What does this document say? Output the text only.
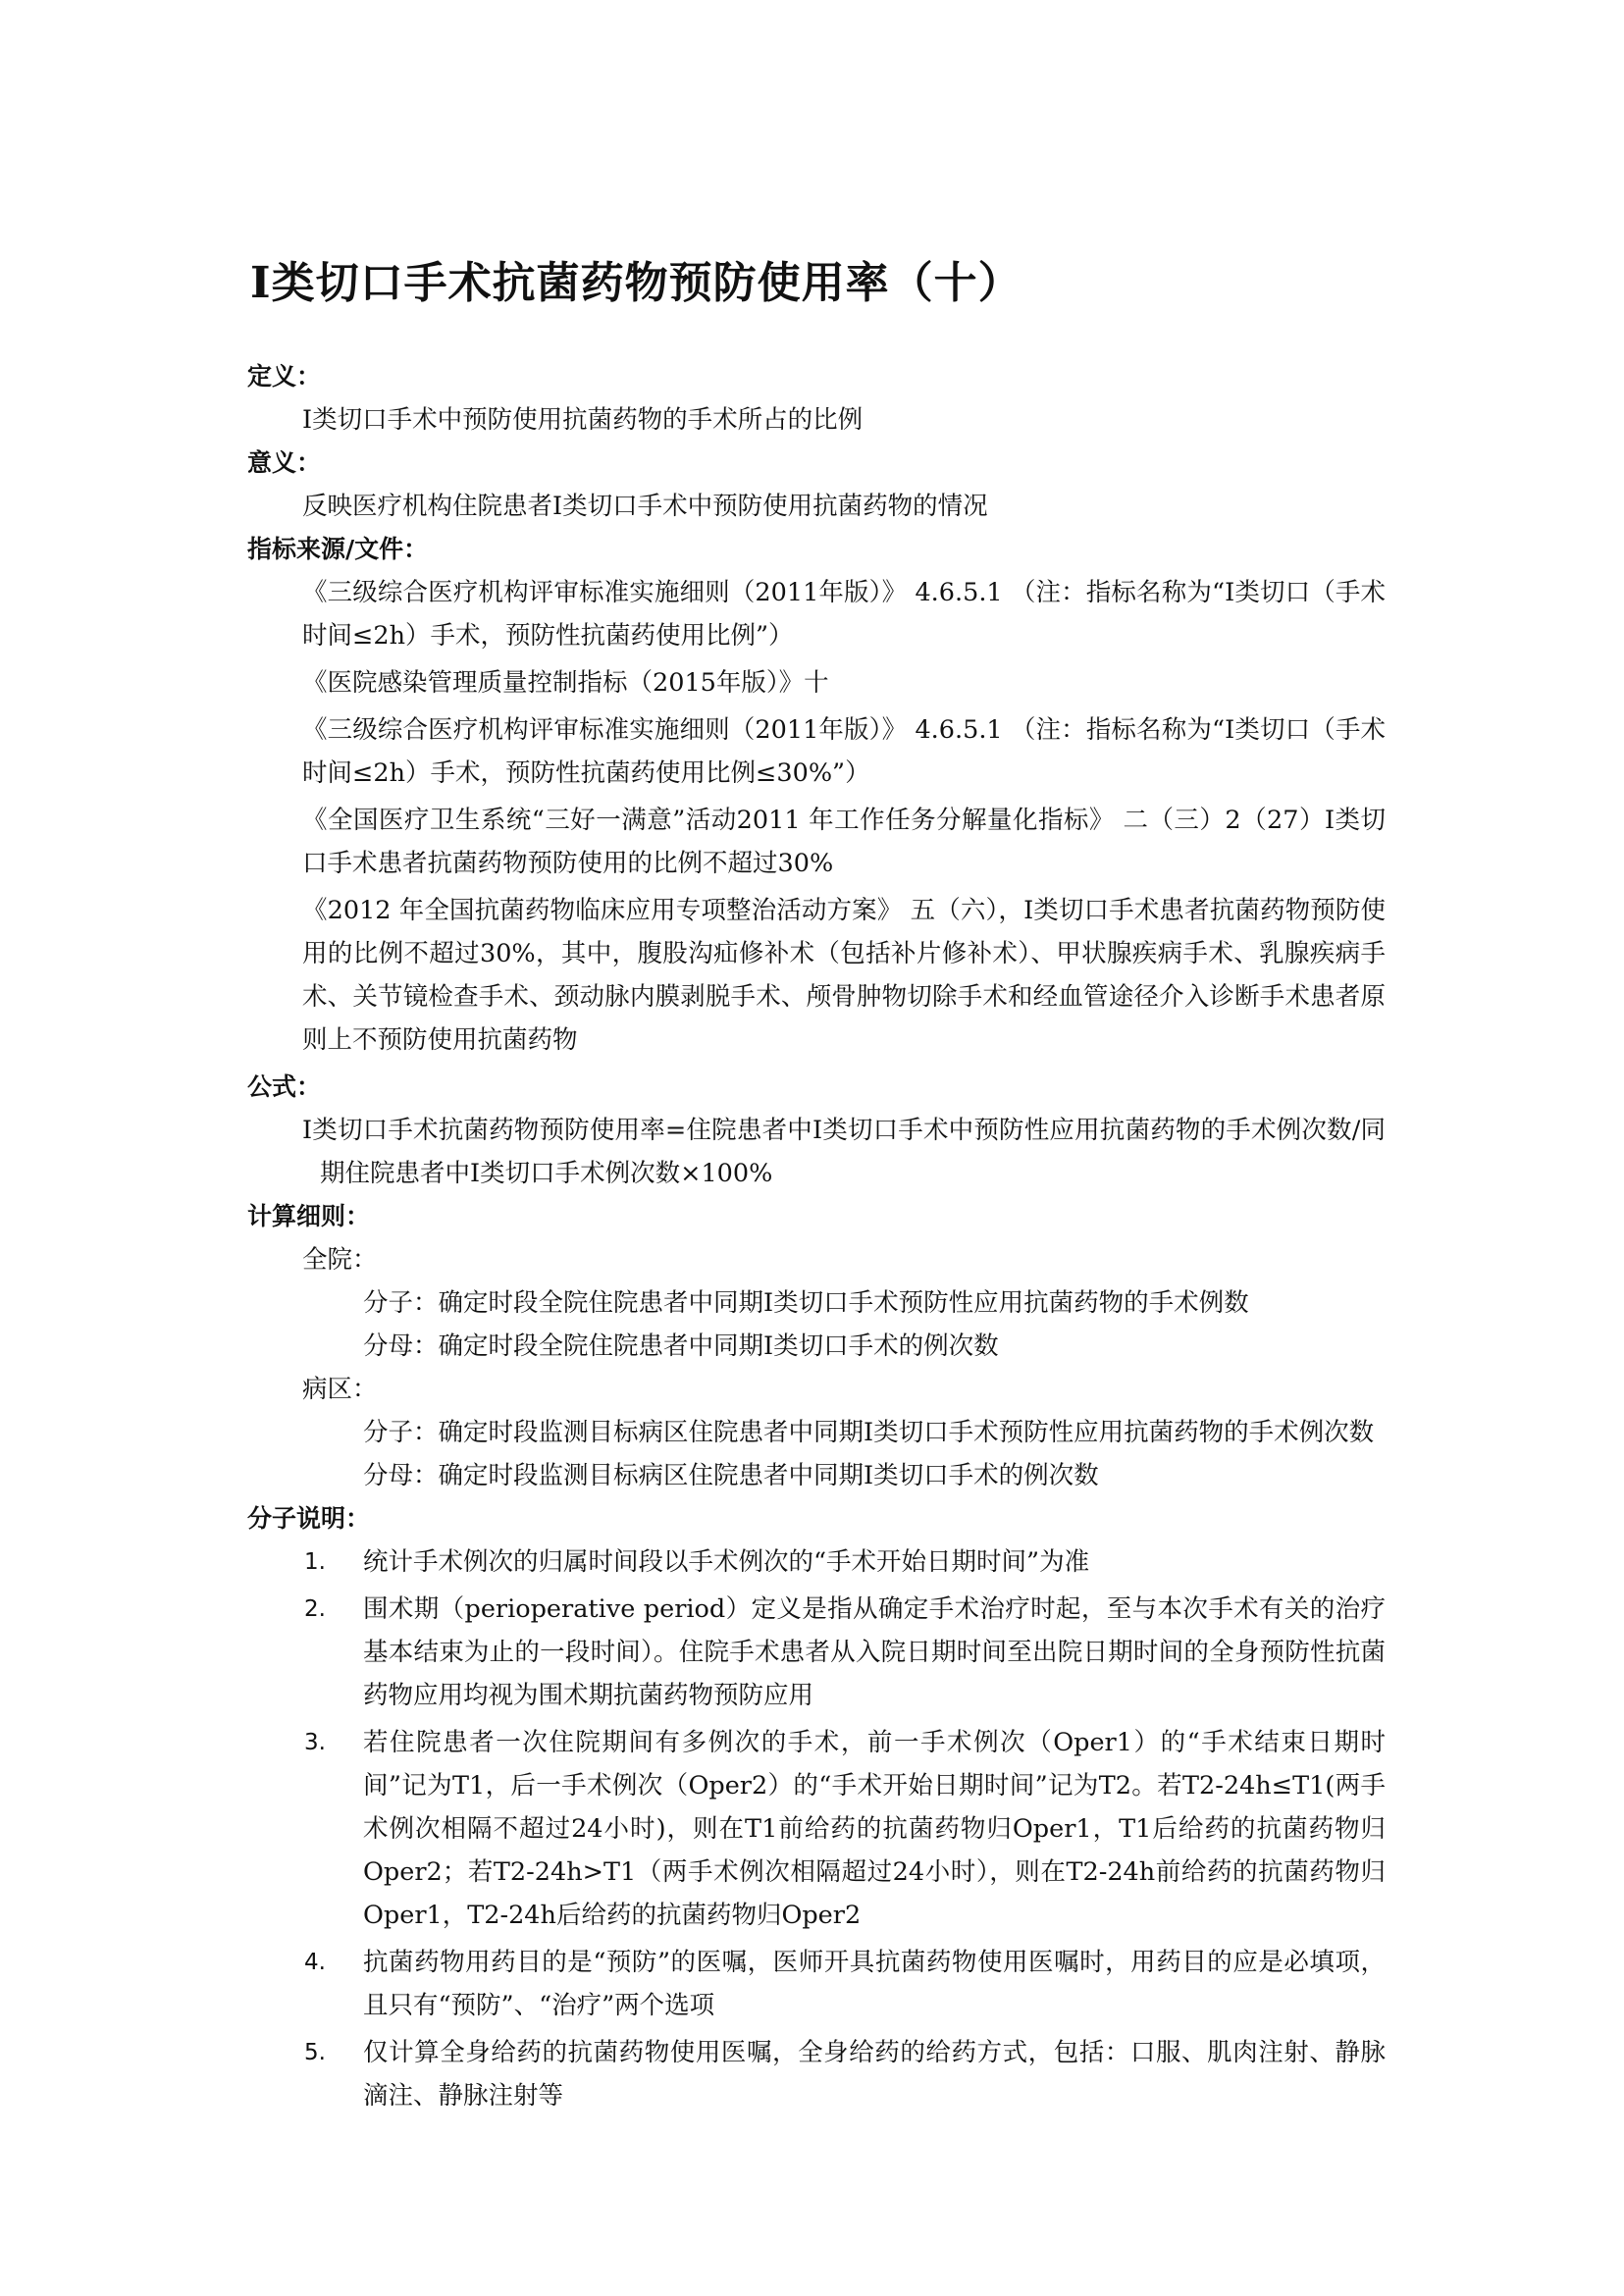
Ⅰ类切口手术抗菌药物预防使用率（十）
定义：
Ⅰ类切口手术中预防使用抗菌药物的手术所占的比例
意义：
反映医疗机构住院患者Ⅰ类切口手术中预防使用抗菌药物的情况
指标来源/文件：
《三级综合医疗机构评审标准实施细则（2011年版）》 4.6.5.1 （注：指标名称为“Ⅰ类切口（手术时间≤2h）手术，预防性抗菌药使用比例”）
《医院感染管理质量控制指标（2015年版）》十
《三级综合医疗机构评审标准实施细则（2011年版）》 4.6.5.1 （注：指标名称为“Ⅰ类切口（手术时间≤2h）手术，预防性抗菌药使用比例≤30%”）
《全国医疗卫生系统“三好一满意”活动2011 年工作任务分解量化指标》 二（三）2（27）Ⅰ类切口手术患者抗菌药物预防使用的比例不超过30%
《2012 年全国抗菌药物临床应用专项整治活动方案》 五（六），Ⅰ类切口手术患者抗菌药物预防使用的比例不超过30%，其中，腹股沟疝修补术（包括补片修补术）、甲状腺疾病手术、乳腺疾病手术、关节镜检查手术、颈动脉内膜剥脱手术、颅骨肿物切除手术和经血管途径介入诊断手术患者原则上不预防使用抗菌药物
公式：
Ⅰ类切口手术抗菌药物预防使用率=住院患者中Ⅰ类切口手术中预防性应用抗菌药物的手术例次数/同期住院患者中Ⅰ类切口手术例次数×100%
计算细则：
全院：
分子：确定时段全院住院患者中同期Ⅰ类切口手术预防性应用抗菌药物的手术例数
分母：确定时段全院住院患者中同期Ⅰ类切口手术的例次数
病区：
分子：确定时段监测目标病区住院患者中同期Ⅰ类切口手术预防性应用抗菌药物的手术例次数
分母：确定时段监测目标病区住院患者中同期Ⅰ类切口手术的例次数
分子说明：
1. 统计手术例次的归属时间段以手术例次的“手术开始日期时间”为准
2. 围术期（perioperative period）定义是指从确定手术治疗时起，至与本次手术有关的治疗基本结束为止的一段时间）。住院手术患者从入院日期时间至出院日期时间的全身预防性抗菌药物应用均视为围术期抗菌药物预防应用
3. 若住院患者一次住院期间有多例次的手术，前一手术例次（Oper1）的“手术结束日期时间”记为T1，后一手术例次（Oper2）的“手术开始日期时间”记为T2。若T2-24h≤T1(两手术例次相隔不超过24小时)，则在T1前给药的抗菌药物归Oper1，T1后给药的抗菌药物归Oper2；若T2-24h>T1（两手术例次相隔超过24小时），则在T2-24h前给药的抗菌药物归Oper1，T2-24h后给药的抗菌药物归Oper2
4. 抗菌药物用药目的是“预防”的医嘱，医师开具抗菌药物使用医嘱时，用药目的应是必填项，且只有“预防”、“治疗”两个选项
5. 仅计算全身给药的抗菌药物使用医嘱，全身给药的给药方式，包括：口服、肌肉注射、静脉滴注、静脉注射等
